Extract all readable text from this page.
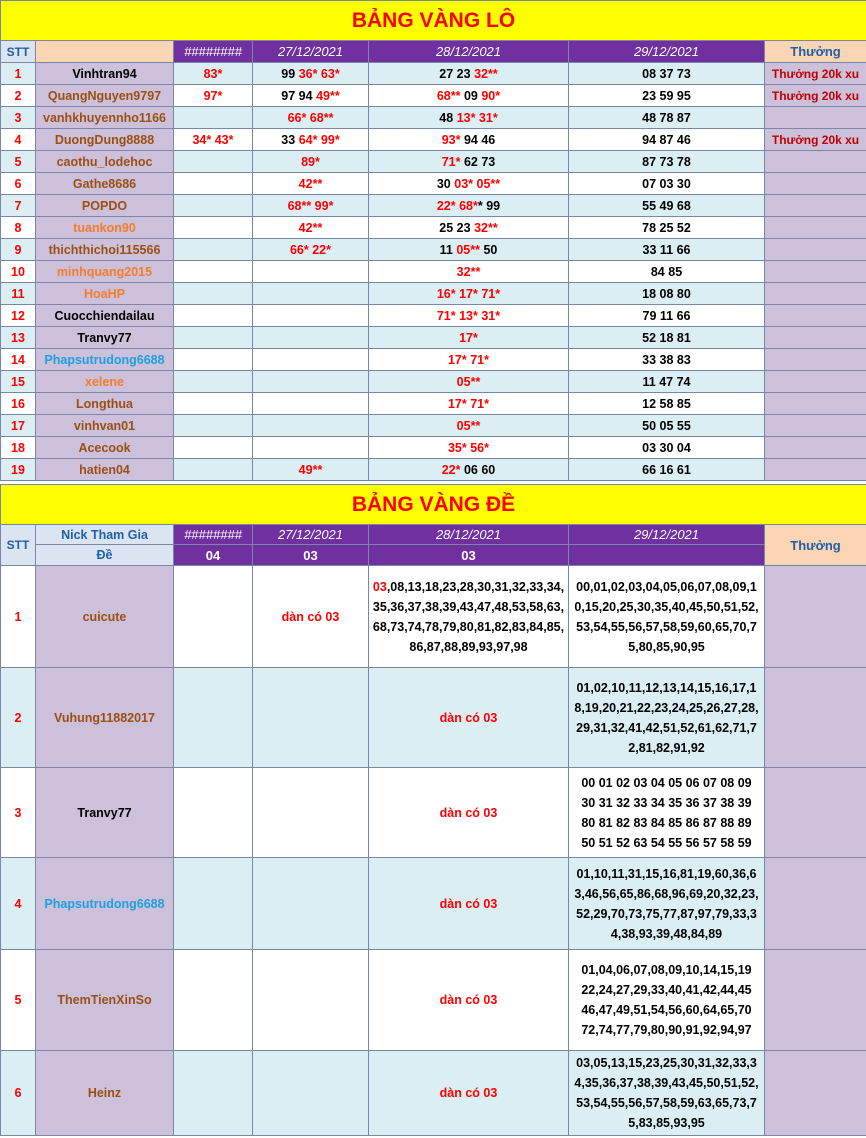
BẢNG VÀNG LÔ						
STT		########	27/12/2021	28/12/2021	29/12/2021	Thưởng
1	Vinhtran94	83*	99 36* 63*	27 23 32**	08 37 73	Thưởng 20k xu
2	QuangNguyen9797	97*	97 94 49**	68** 09 90*	23 59 95	Thưởng 20k xu
3	vanhkhuyennho1166		66* 68**	48 13* 31*	48 78 87	
4	DuongDung8888	34* 43*	33 64* 99*	93* 94 46	94 87 46	Thưởng 20k xu
5	caothu_lodehoc		89*	71* 62 73	87 73 78	
6	Gathe8686		42**	30 03* 05**	07 03 30	
7	POPDO		68** 99*	22* 68** 99	55 49 68	
8	tuankon90		42**	25 23 32**	78 25 52	
9	thichthichoi115566		66* 22*	11 05** 50	33 11 66	
10	minhquang2015			32**	84 85	
11	HoaHP			16* 17* 71*	18 08 80	
12	Cuocchiendailau			71* 13* 31*	79 11 66	
13	Tranvy77			17*	52 18 81	
14	Phapsutrudong6688			17* 71*	33 38 83	
15	xelene			05**	11 47 74	
16	Longthua			17* 71*	12 58 85	
17	vinhvan01			05**	50 05 55	
18	Acecook			35* 56*	03 30 04	
19	hatien04		49**	22* 06 60	66 16 61	
BẢNG VÀNG ĐỀ						
STT	Nick Tham Gia	########	27/12/2021	28/12/2021	29/12/2021	Thưởng
	Đề	04	03	03		
1	cuicute		dàn có 03	03,08,13,18,23,28,30,31,32,33,34,35,36,37,38,39,43,47,48,53,58,63,68,73,74,78,79,80,81,82,83,84,85,86,87,88,89,93,97,98	00,01,02,03,04,05,06,07,08,09,10,15,20,25,30,35,40,45,50,51,52,53,54,55,56,57,58,59,60,65,70,75,80,85,90,95	
2	Vuhung11882017			dàn có 03	01,02,10,11,12,13,14,15,16,17,18,19,20,21,22,23,24,25,26,27,28,29,31,32,41,42,51,52,61,62,71,72,81,82,91,92	
3	Tranvy77			dàn có 03	00 01 02 03 04 05 06 07 08 09
30 31 32 33 34 35 36 37 38 39
80 81 82 83 84 85 86 87 88 89
50 51 52 63 54 55 56 57 58 59	
4	Phapsutrudong6688			dàn có 03	01,10,11,31,15,16,81,19,60,36,63,46,56,65,86,68,96,69,20,32,23,52,29,70,73,75,77,87,97,79,33,34,38,93,39,48,84,89	
5	ThemTienXinSo			dàn có 03	01,04,06,07,08,09,10,14,15,19
22,24,27,29,33,40,41,42,44,45
46,47,49,51,54,56,60,64,65,70
72,74,77,79,80,90,91,92,94,97	
6	Heinz			dàn có 03	03,05,13,15,23,25,30,31,32,33,34,35,36,37,38,39,43,45,50,51,52,53,54,55,56,57,58,59,63,65,73,75,83,85,93,95	
